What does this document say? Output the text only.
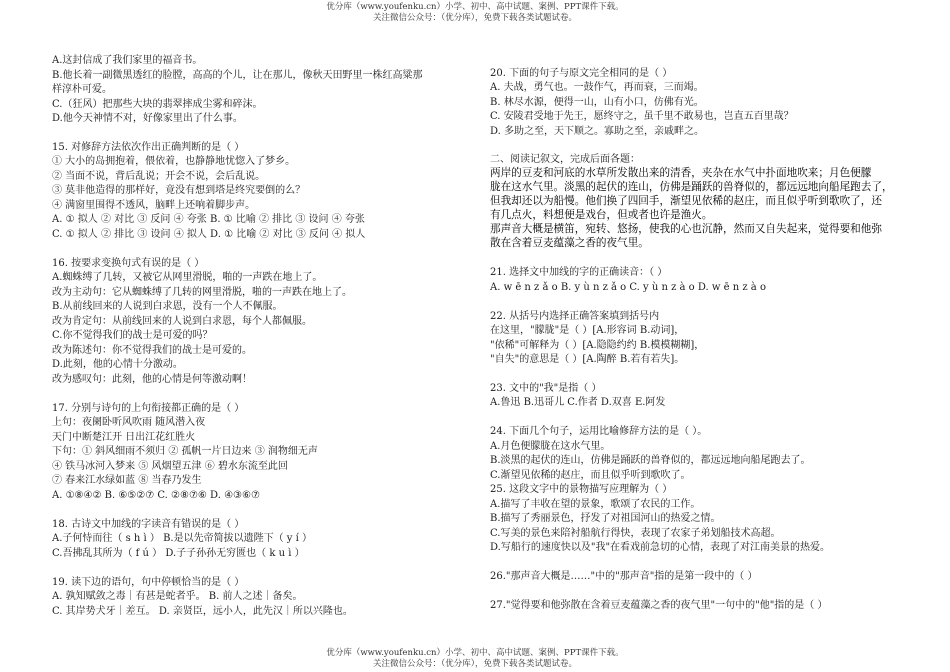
优分库（www.youfenku.cn）小学、初中、高中试题、案例、PPT课件下载。
关注微信公众号：（优分库），免费下载各类试题试卷。
A.这封信成了我们家里的福音书。
B.他长着一副微黑透红的脸膛，高高的个儿，让在那儿，像秋天田野里一株红高粱那
样淳朴可爱。
C.（狂风）把那些大块的翡翠摔成尘雾和碎沫。
D.他今天神情不对，好像家里出了什么事。
15. 对修辞方法依次作出正确判断的是（ ）
① 大小的岛拥抱着，偎依着，也静静地忧惚入了梦乡。
② 当面不说，背后乱说；开会不说，会后乱说。
③ 莫非他造得的那样好，竟没有想到塔是终究要倒的么？
④ 满窗里围得不透风，脑畔上还响着脚步声。
A. ① 拟人 ② 对比 ③ 反问 ④ 夸张 B. ① 比喻 ② 排比 ③ 设问 ④ 夸张
C. ① 拟人 ② 排比 ③ 设问 ④ 拟人 D. ① 比喻 ② 对比 ③ 反问 ④ 拟人
16. 按要求变换句式有误的是（ ）
A.蜘蛛缚了几转，又被它从网里滑脱，啪的一声跌在地上了。
改为主动句：它从蜘蛛缚了几转的网里滑脱，啪的一声跌在地上了。
B.从前线回来的人说到白求恩，没有一个人不佩服。
改为肯定句：从前线回来的人说到白求恩，每个人都佩服。
C.你不觉得我们的战士是可爱的吗？
改为陈述句：你不觉得我们的战士是可爱的。
D.此刻，他的心情十分激动。
改为感叹句：此刻，他的心情是何等激动啊！
17. 分别与诗句的上句衔接都正确的是（ ）
上句：夜阑卧听风吹雨 随风潜入夜
天门中断楚江开 日出江花红胜火
下句：① 斜风细雨不须归 ② 孤帆一片日边来 ③ 润物细无声
④ 铁马冰河入梦来 ⑤ 风烟望五津 ⑥ 碧水东流至此回
⑦ 春来江水绿如蓝 ⑧ 当春乃发生
A. ①⑧④② B. ⑥⑤②⑦ C. ②⑧⑦⑥ D. ④③⑥⑦
18. 古诗文中加线的字读音有错误的是（ ）
A.子何恃而往（ s h ì ） B.是以先帝简拔以遗陛下（ y í ）
C.吾拂乱其所为（ f ú ） D.子子孙孙无穷匮也（ k u ì ）
19. 读下边的语句，句中停顿恰当的是（ ）
A. 孰知赋敛之毒｜有甚是蛇者乎。 B. 前人之述｜备矣。
C. 其岸势犬牙｜差互。 D. 亲贤臣，远小人，此先汉｜所以兴隆也。
20. 下面的句子与原文完全相同的是（ ）
A. 夫战，勇气也。一鼓作气，再而衰，三而竭。
B. 林尽水源，便得一山，山有小口，仿佛有光。
C. 安陵君受地于先王，愿终守之，虽千里不敢易也，岂直五百里哉？
D. 多助之至，天下顺之。寡助之至，亲戚畔之。
二、阅读记叙文，完成后面各题：
两岸的豆麦和河底的水草所发散出来的清香，夹杂在水气中扑面地吹来；月色便朦
胧在这水气里。淡黑的起伏的连山，仿佛是踊跃的兽脊似的，都远远地向船尾跑去了，
但我却还以为船慢。他们换了四回手，渐望见依稀的赵庄，而且似乎听到歌吹了，还
有几点火，料想便是戏台，但或者也许是渔火。
那声音大概是横笛，宛转、悠扬，使我的心也沉静，然而又自失起来，觉得要和他弥
散在含着豆麦蕴藻之香的夜气里。
21. 选择文中加线的字的正确读音：（ ）
A. w ē n z ǎ o B. y ù n z ǎ o C. y ù n z à o D. w ē n z à o
22. 从括号内选择正确答案填到括号内
在这里，"朦胧"是（ ）[A.形容词 B.动词]，
"依稀"可解释为（ ）[A.隐隐约约 B.模模糊糊]，
"自失"的意思是（ ）[A.陶醉 B.若有若失]。
23. 文中的"我"是指（ ）
A.鲁迅 B.迅哥儿 C.作者 D.双喜 E.阿发
24. 下面几个句子，运用比喻修辞方法的是（ ）。
A.月色便朦胧在这水气里。
B.淡黑的起伏的连山，仿佛是踊跃的兽脊似的，都远远地向船尾跑去了。
C.渐望见依稀的赵庄，而且似乎听到歌吹了。
25. 这段文字中的景物描写应理解为（ ）
A.描写了丰收在望的景象，歌颂了农民的工作。
B.描写了秀丽景色，抒发了对祖国河山的热爱之情。
C.写美的景色来陪衬船航行得快，表现了农家子弟划船技术高超。
D.写船行的速度快以及"我"在看戏前急切的心情，表现了对江南美景的热爱。
26."那声音大概是……"中的"那声音"指的是第一段中的（ ）
27."觉得要和他弥散在含着豆麦蕴藻之香的夜气里"一句中的"他"指的是（ ）
优分库（www.youfenku.cn）小学、初中、高中试题、案例、PPT课件下载。
关注微信公众号：（优分库），免费下载各类试题试卷。
